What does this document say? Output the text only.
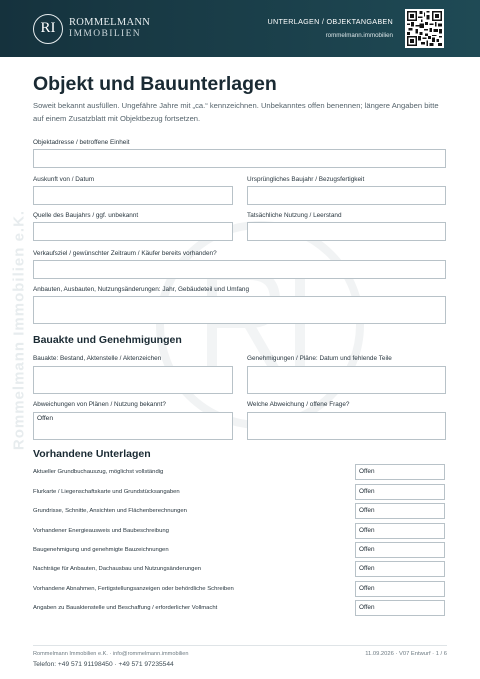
RI	ROMMELMANN
IMMOBILIEN
UNTERLAGEN / OBJEKTANGABEN
rommelmann.immobilien
Rommelmann Immobilien e.K.
Objekt und Bauunterlagen

Soweit bekannt ausfüllen. Ungefähre Jahre mit „ca.“ kennzeichnen. Unbekanntes offen benennen; längere Angaben bitte auf einem Zusatzblatt mit Objektbezug fortsetzen.

Objektadresse / betroffene Einheit
Auskunft von / Datum	Ursprüngliches Baujahr / Bezugsfertigkeit
Quelle des Baujahrs / ggf. unbekannt	Tatsächliche Nutzung / Leerstand
Verkaufsziel / gewünschter Zeitraum / Käufer bereits vorhanden?
Anbauten, Ausbauten, Nutzungsänderungen: Jahr, Gebäudeteil und Umfang
Bauakte und Genehmigungen
Bauakte: Bestand, Aktenstelle / Aktenzeichen	Genehmigungen / Pläne: Datum und fehlende Teile
Abweichungen von Plänen / Nutzung bekannt?
Offen
Welche Abweichung / offene Frage?
Vorhandene Unterlagen
Aktueller Grundbuchauszug, möglichst vollständig	Offen
Flurkarte / Liegenschaftskarte und Grundstücksangaben	Offen
Grundrisse, Schnitte, Ansichten und Flächenberechnungen	Offen
Vorhandener Energieausweis und Baubeschreibung	Offen
Baugenehmigung und genehmigte Bauzeichnungen	Offen
Nachträge für Anbauten, Dachausbau und Nutzungsänderungen	Offen
Vorhandene Abnahmen, Fertigstellungsanzeigen oder behördliche Schreiben	Offen
Angaben zu Bauaktenstelle und Beschaffung / erforderlicher Vollmacht	Offen
Rommelmann Immobilien e.K. · info@rommelmann.immobilien
Telefon: +49 571 91198450 · +49 571 97235544
11.09.2026 · V07 Entwurf · 1 / 6
